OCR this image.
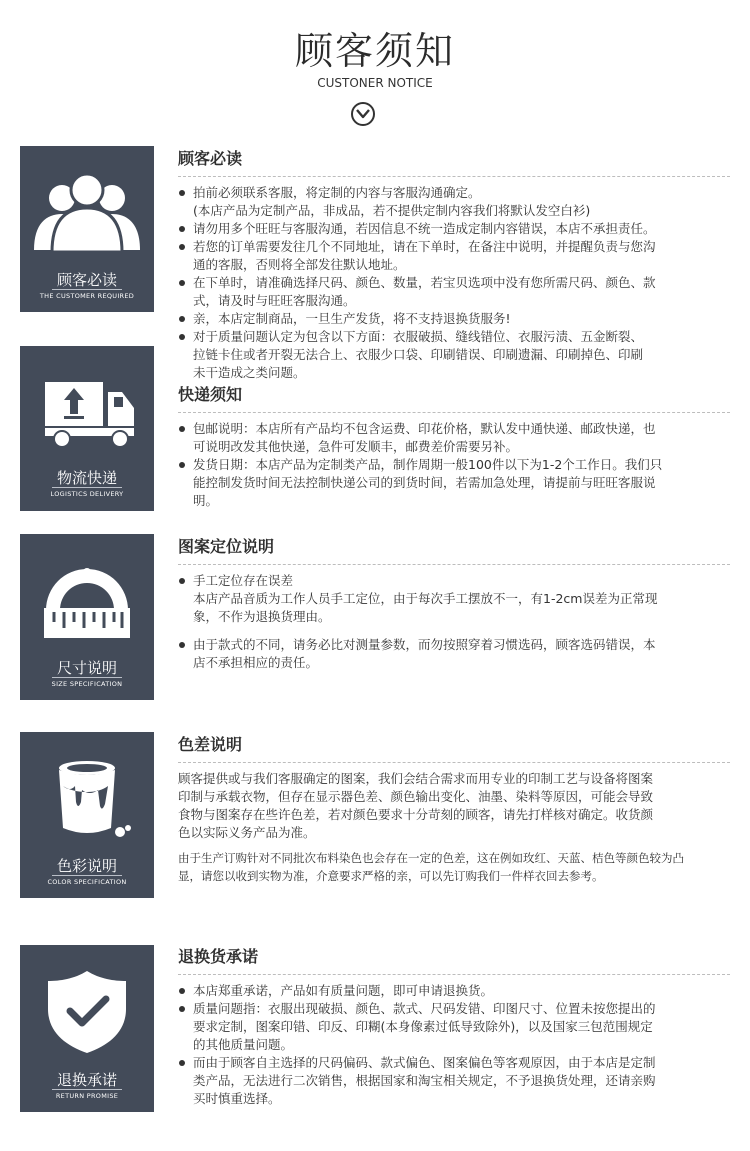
顾客须知
CUSTONER NOTICE
顾客必读
THE CUSTOMER REQUIRED
物流快递
LOGISTICS DELIVERY
尺寸说明
SIZE SPECIFICATION
色彩说明
COLOR SPECIFICATION
退换承诺
RETURN PROMISE
顾客必读
拍前必须联系客服，将定制的内容与客服沟通确定。
(本店产品为定制产品，非成品，若不提供定制内容我们将默认发空白衫)
请勿用多个旺旺与客服沟通，若因信息不统一造成定制内容错误，本店不承担责任。
若您的订单需要发往几个不同地址，请在下单时，在备注中说明，并提醒负责与您沟
通的客服，否则将全部发往默认地址。
在下单时，请准确选择尺码、颜色、数量，若宝贝选项中没有您所需尺码、颜色、款
式，请及时与旺旺客服沟通。
亲，本店定制商品，一旦生产发货，将不支持退换货服务!
对于质量问题认定为包含以下方面：衣服破损、缝线错位、衣服污渍、五金断裂、
拉链卡住或者开裂无法合上、衣服少口袋、印刷错误、印刷遗漏、印刷掉色、印刷
未干造成之类问题。
快递须知
包邮说明：本店所有产品均不包含运费、印花价格，默认发中通快递、邮政快递，也
可说明改发其他快递，急件可发顺丰，邮费差价需要另补。
发货日期：本店产品为定制类产品，制作周期一般100件以下为1-2个工作日。我们只
能控制发货时间无法控制快递公司的到货时间，若需加急处理，请提前与旺旺客服说
明。
图案定位说明
手工定位存在误差
本店产品音质为工作人员手工定位，由于每次手工摆放不一，有1-2cm误差为正常现
象，不作为退换货理由。
由于款式的不同，请务必比对测量参数，而勿按照穿着习惯选码，顾客选码错误，本
店不承担相应的责任。
色差说明
顾客提供或与我们客服确定的图案，我们会结合需求而用专业的印制工艺与设备将图案
印制与承载衣物，但存在显示器色差、颜色输出变化、油墨、染料等原因，可能会导致
食物与图案存在些许色差，若对颜色要求十分苛刻的顾客，请先打样核对确定。收货颜
色以实际义务产品为准。
由于生产订购针对不同批次布料染色也会存在一定的色差，这在例如玫红、天蓝、桔色等颜色较为凸
显，请您以收到实物为准，介意要求严格的亲，可以先订购我们一件样衣回去参考。
退换货承诺
本店郑重承诺，产品如有质量问题，即可申请退换货。
质量问题指：衣服出现破损、颜色、款式、尺码发错、印图尺寸、位置未按您提出的
要求定制，图案印错、印反、印糊(本身像素过低导致除外)，以及国家三包范围规定
的其他质量问题。
而由于顾客自主选择的尺码偏码、款式偏色、图案偏色等客观原因，由于本店是定制
类产品，无法进行二次销售，根据国家和淘宝相关规定，不予退换货处理，还请亲购
买时慎重选择。
